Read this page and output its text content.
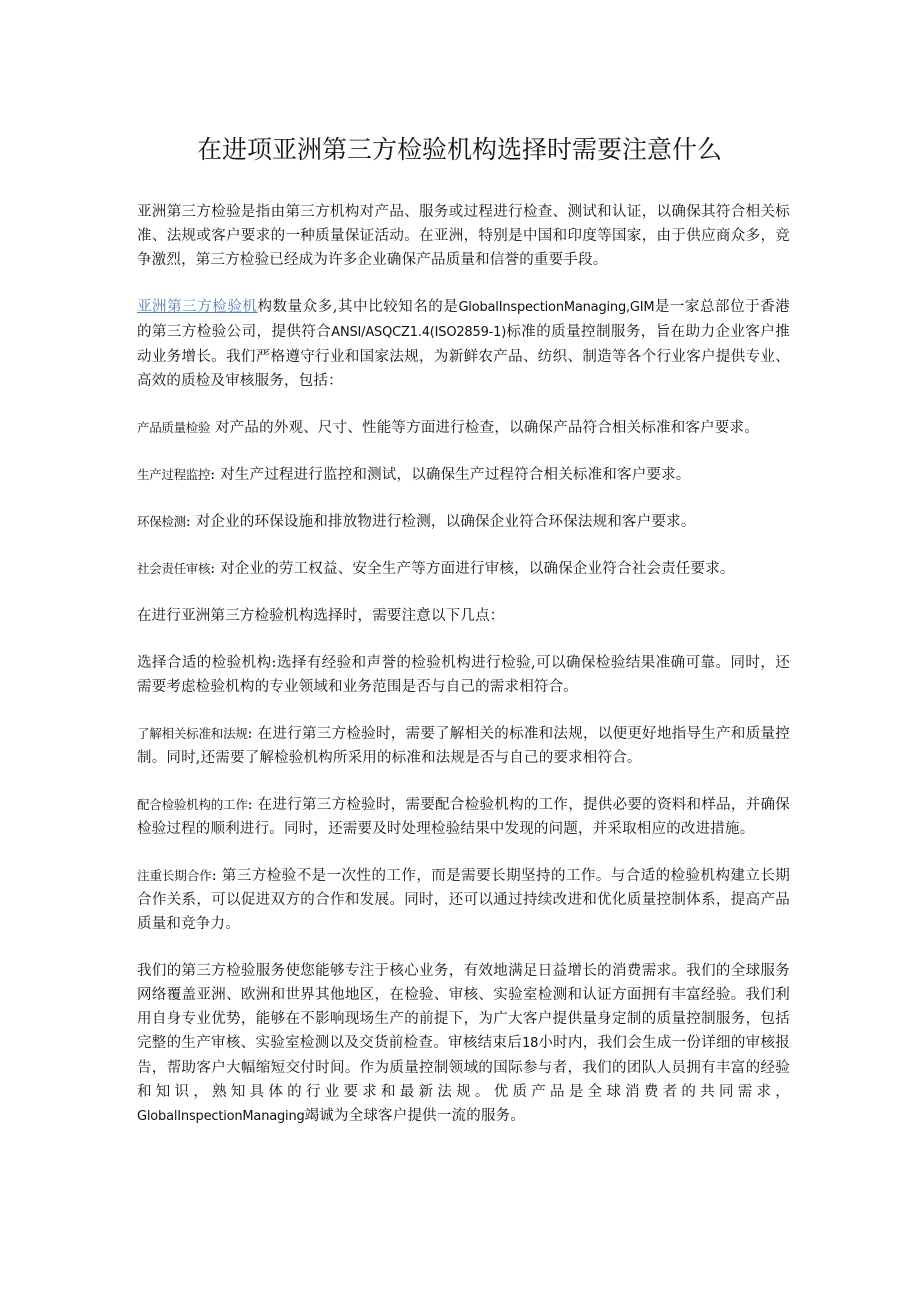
在进项亚洲第三方检验机构选择时需要注意什么

亚洲第三方检验是指由第三方机构对产品、服务或过程进行检查、测试和认证，以确保其符合相关标准、法规或客户要求的一种质量保证活动。在亚洲，特别是中国和印度等国家，由于供应商众多，竞争激烈，第三方检验已经成为许多企业确保产品质量和信誉的重要手段。

亚洲第三方检验机构数量众多,其中比较知名的是GlobalInspectionManaging,GIM是一家总部位于香港的第三方检验公司，提供符合ANSI/ASQCZ1.4(ISO2859-1)标准的质量控制服务，旨在助力企业客户推动业务增长。我们严格遵守行业和国家法规，为新鲜农产品、纺织、制造等各个行业客户提供专业、高效的质检及审核服务，包括：

产品质量检验 对产品的外观、尺寸、性能等方面进行检查，以确保产品符合相关标准和客户要求。

生产过程监控: 对生产过程进行监控和测试，以确保生产过程符合相关标准和客户要求。

环保检测: 对企业的环保设施和排放物进行检测，以确保企业符合环保法规和客户要求。

社会责任审核: 对企业的劳工权益、安全生产等方面进行审核，以确保企业符合社会责任要求。

在进行亚洲第三方检验机构选择时，需要注意以下几点：

选择合适的检验机构:选择有经验和声誉的检验机构进行检验,可以确保检验结果准确可靠。同时，还需要考虑检验机构的专业领域和业务范围是否与自己的需求相符合。

了解相关标准和法规: 在进行第三方检验时，需要了解相关的标准和法规，以便更好地指导生产和质量控制。同时,还需要了解检验机构所采用的标准和法规是否与自己的要求相符合。

配合检验机构的工作: 在进行第三方检验时，需要配合检验机构的工作，提供必要的资料和样品，并确保检验过程的顺利进行。同时，还需要及时处理检验结果中发现的问题，并采取相应的改进措施。

注重长期合作: 第三方检验不是一次性的工作，而是需要长期坚持的工作。与合适的检验机构建立长期合作关系，可以促进双方的合作和发展。同时，还可以通过持续改进和优化质量控制体系，提高产品质量和竞争力。

我们的第三方检验服务使您能够专注于核心业务，有效地满足日益增长的消费需求。我们的全球服务网络覆盖亚洲、欧洲和世界其他地区，在检验、审核、实验室检测和认证方面拥有丰富经验。我们利用自身专业优势，能够在不影响现场生产的前提下，为广大客户提供量身定制的质量控制服务，包括完整的生产审核、实验室检测以及交货前检查。审核结束后18小时内，我们会生成一份详细的审核报告，帮助客户大幅缩短交付时间。作为质量控制领域的国际参与者，我们的团队人员拥有丰富的经验和知识，熟知具体的行业要求和最新法规。优质产品是全球消费者的共同需求，GlobalInspectionManaging竭诚为全球客户提供一流的服务。
